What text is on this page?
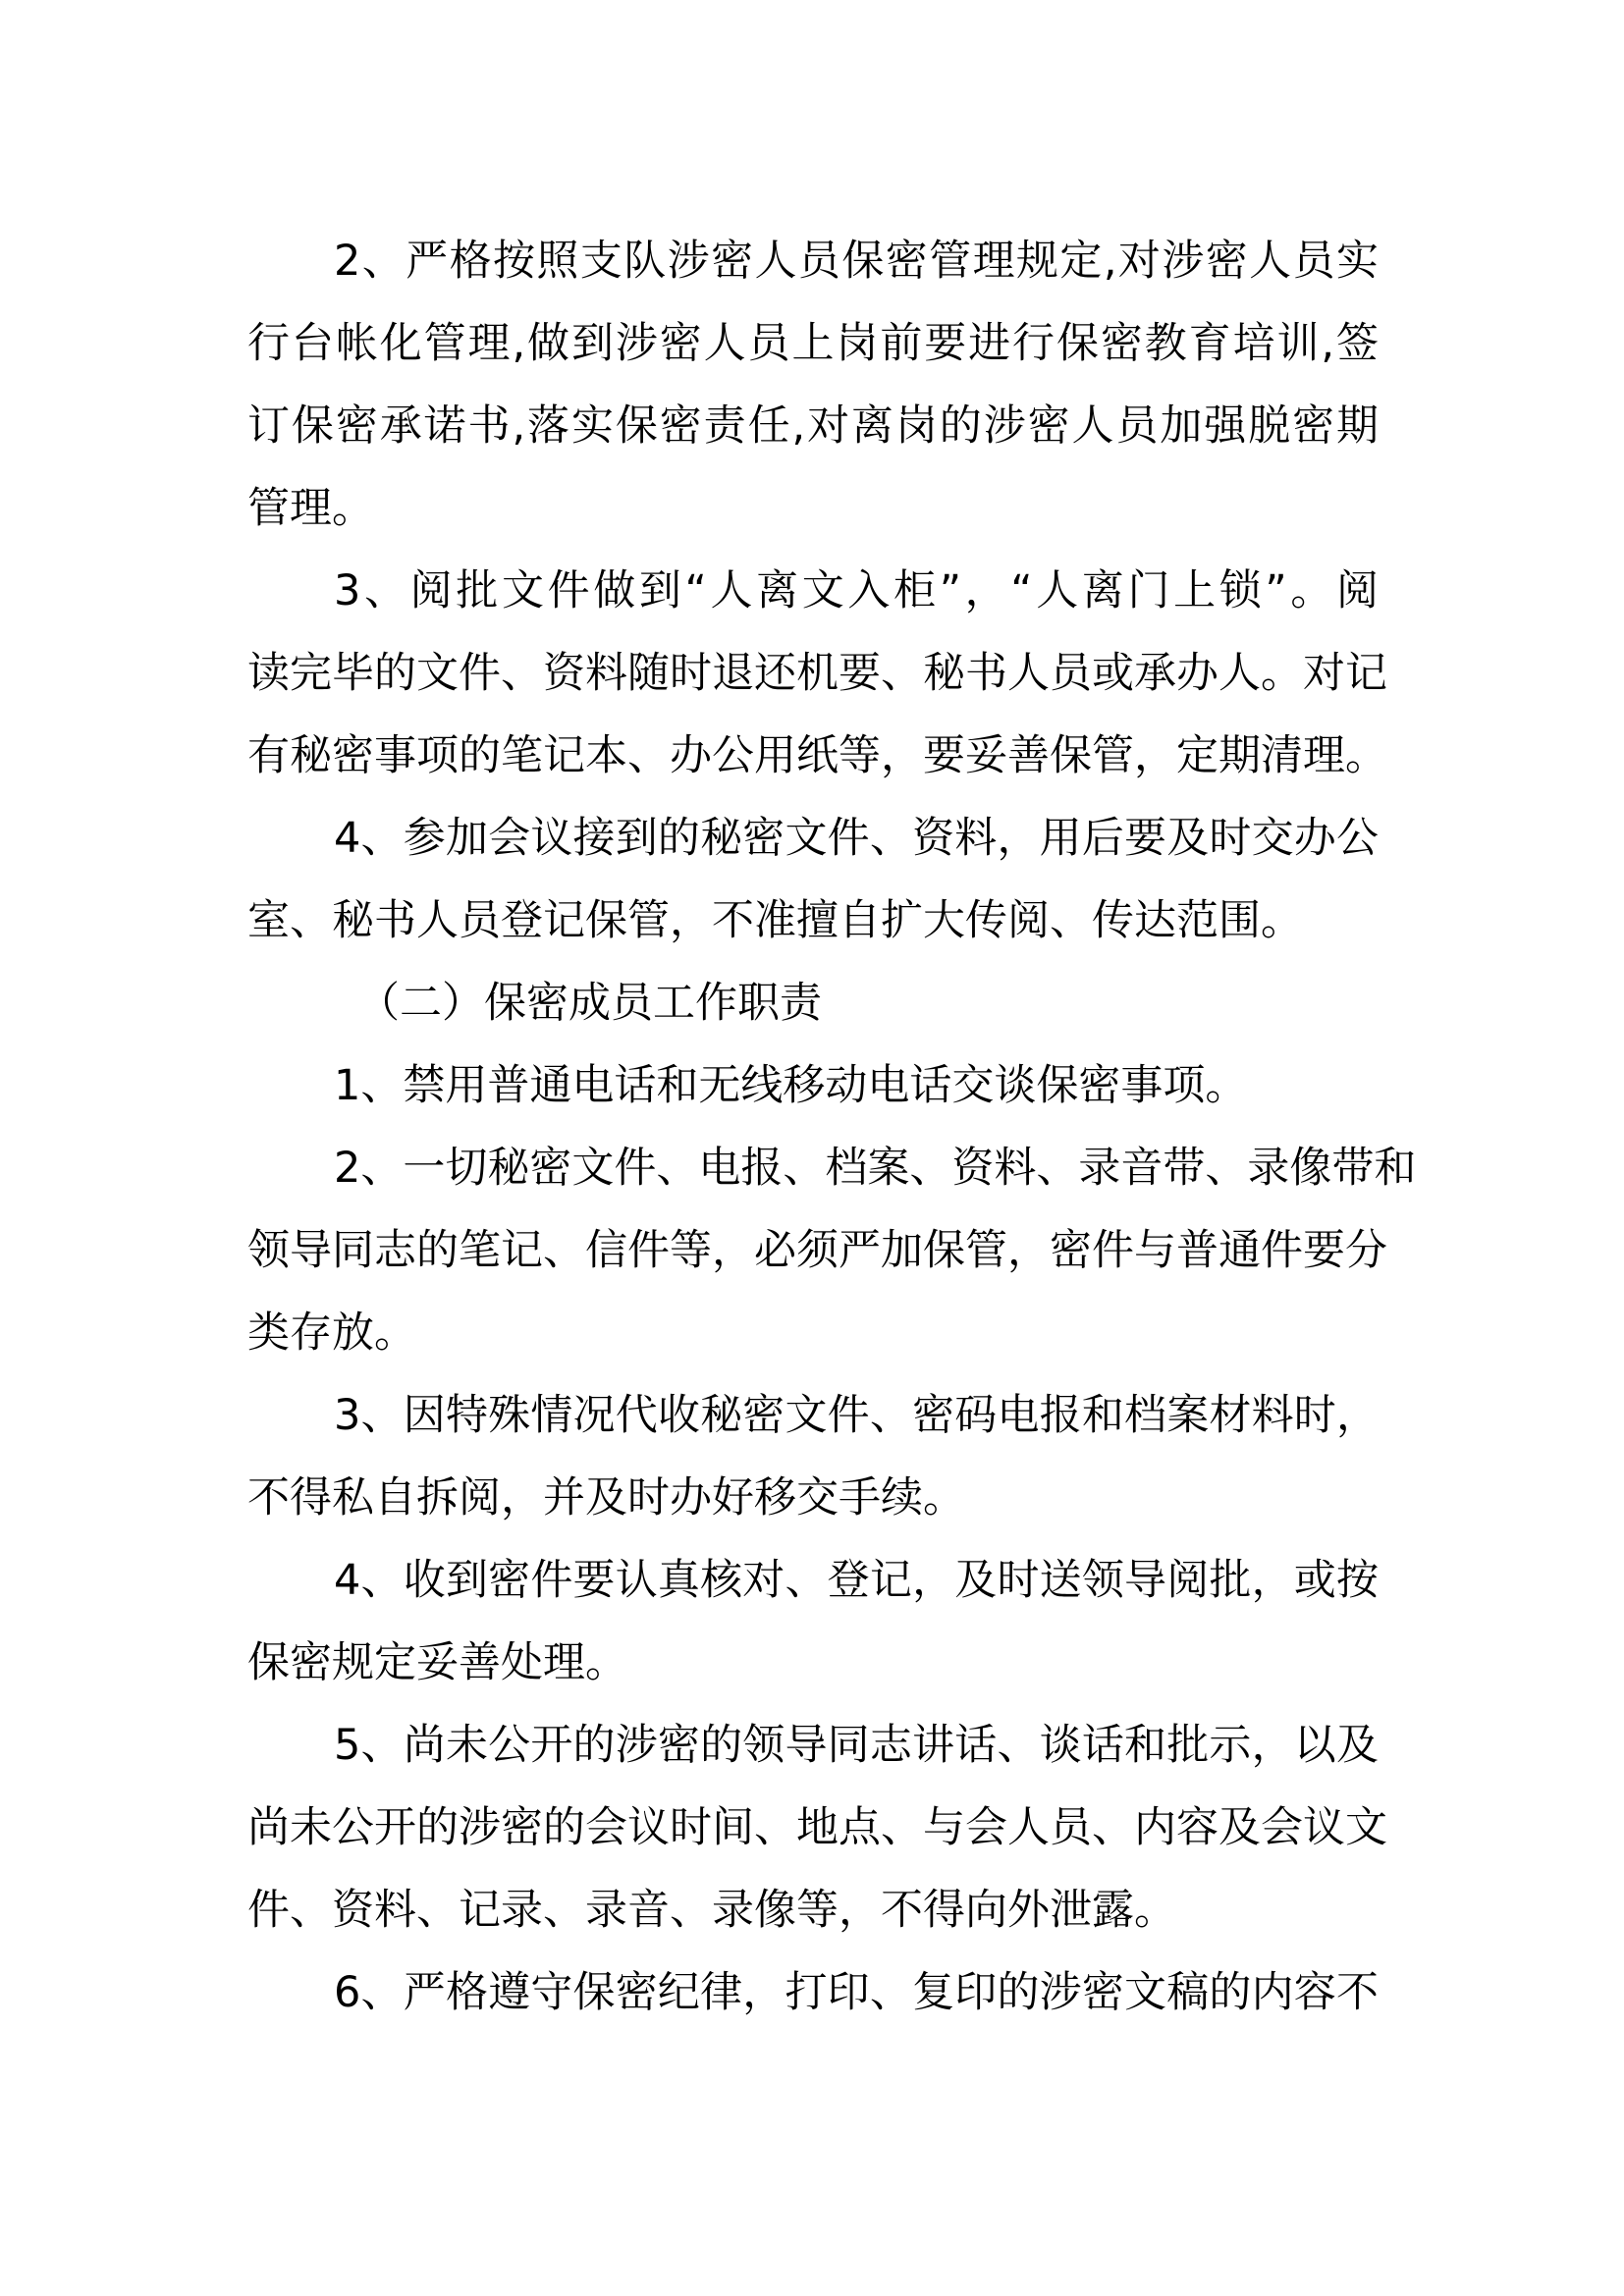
2、严格按照支队涉密人员保密管理规定,对涉密人员实
行台帐化管理,做到涉密人员上岗前要进行保密教育培训,签
订保密承诺书,落实保密责任,对离岗的涉密人员加强脱密期
管理。
3、阅批文件做到“人离文入柜”，“人离门上锁”。阅
读完毕的文件、资料随时退还机要、秘书人员或承办人。对记
有秘密事项的笔记本、办公用纸等，要妥善保管，定期清理。
4、参加会议接到的秘密文件、资料，用后要及时交办公
室、秘书人员登记保管，不准擅自扩大传阅、传达范围。
（二）保密成员工作职责
1、禁用普通电话和无线移动电话交谈保密事项。
2、一切秘密文件、电报、档案、资料、录音带、录像带和
领导同志的笔记、信件等，必须严加保管，密件与普通件要分
类存放。
3、因特殊情况代收秘密文件、密码电报和档案材料时，
不得私自拆阅，并及时办好移交手续。
4、收到密件要认真核对、登记，及时送领导阅批，或按
保密规定妥善处理。
5、尚未公开的涉密的领导同志讲话、谈话和批示，以及
尚未公开的涉密的会议时间、地点、与会人员、内容及会议文
件、资料、记录、录音、录像等，不得向外泄露。
6、严格遵守保密纪律，打印、复印的涉密文稿的内容不
